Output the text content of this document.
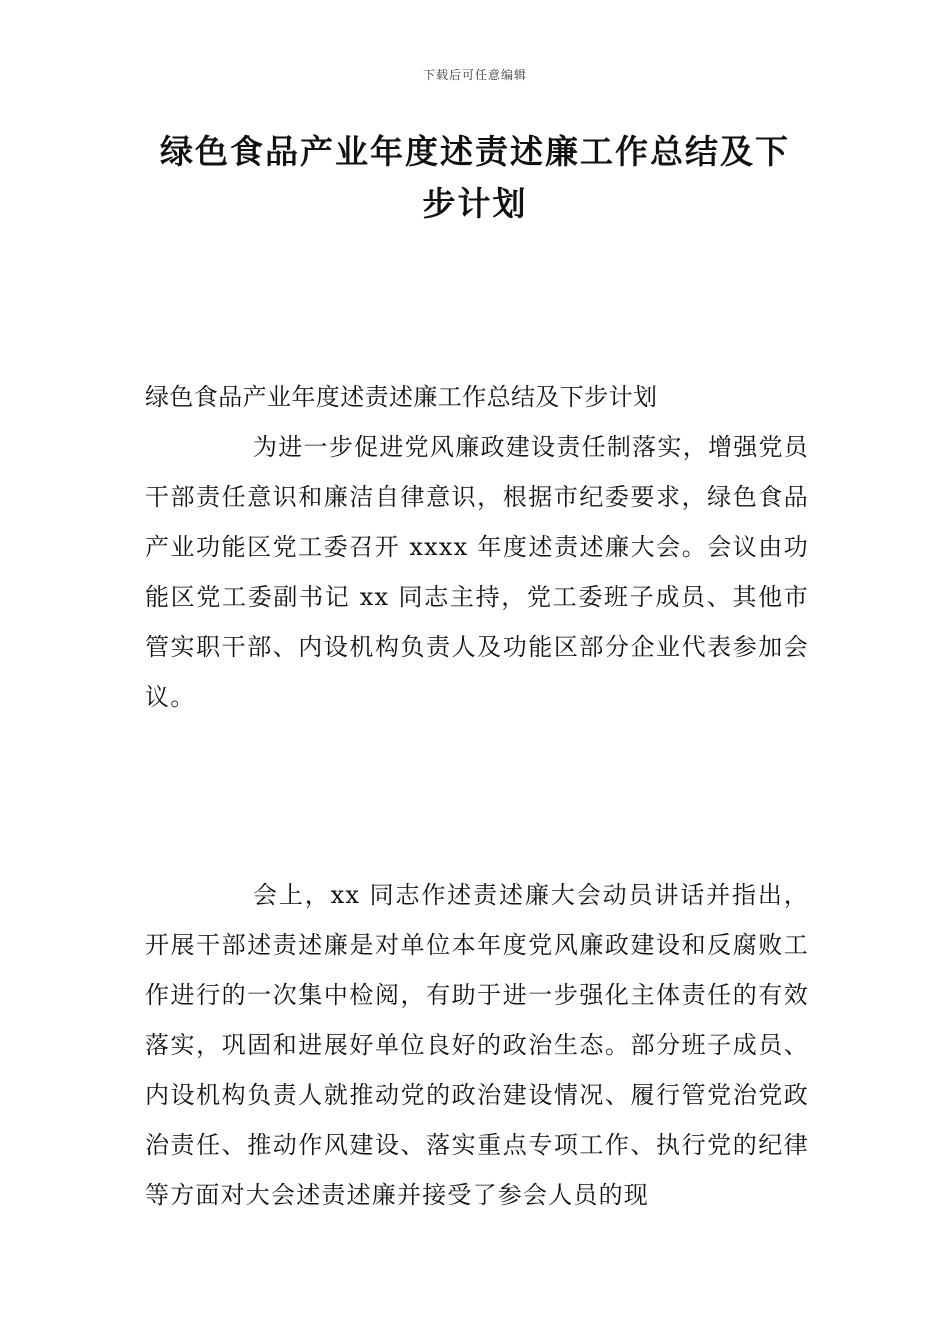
下载后可任意编辑
绿色食品产业年度述责述廉工作总结及下步计划

绿色食品产业年度述责述廉工作总结及下步计划

为进一步促进党风廉政建设责任制落实，增强党员干部责任意识和廉洁自律意识，根据市纪委要求，绿色食品产业功能区党工委召开 xxxx 年度述责述廉大会。会议由功能区党工委副书记 xx 同志主持，党工委班子成员、其他市管实职干部、内设机构负责人及功能区部分企业代表参加会议。

会上，xx 同志作述责述廉大会动员讲话并指出，开展干部述责述廉是对单位本年度党风廉政建设和反腐败工作进行的一次集中检阅，有助于进一步强化主体责任的有效落实，巩固和进展好单位良好的政治生态。部分班子成员、内设机构负责人就推动党的政治建设情况、履行管党治党政治责任、推动作风建设、落实重点专项工作、执行党的纪律等方面对大会述责述廉并接受了参会人员的现
